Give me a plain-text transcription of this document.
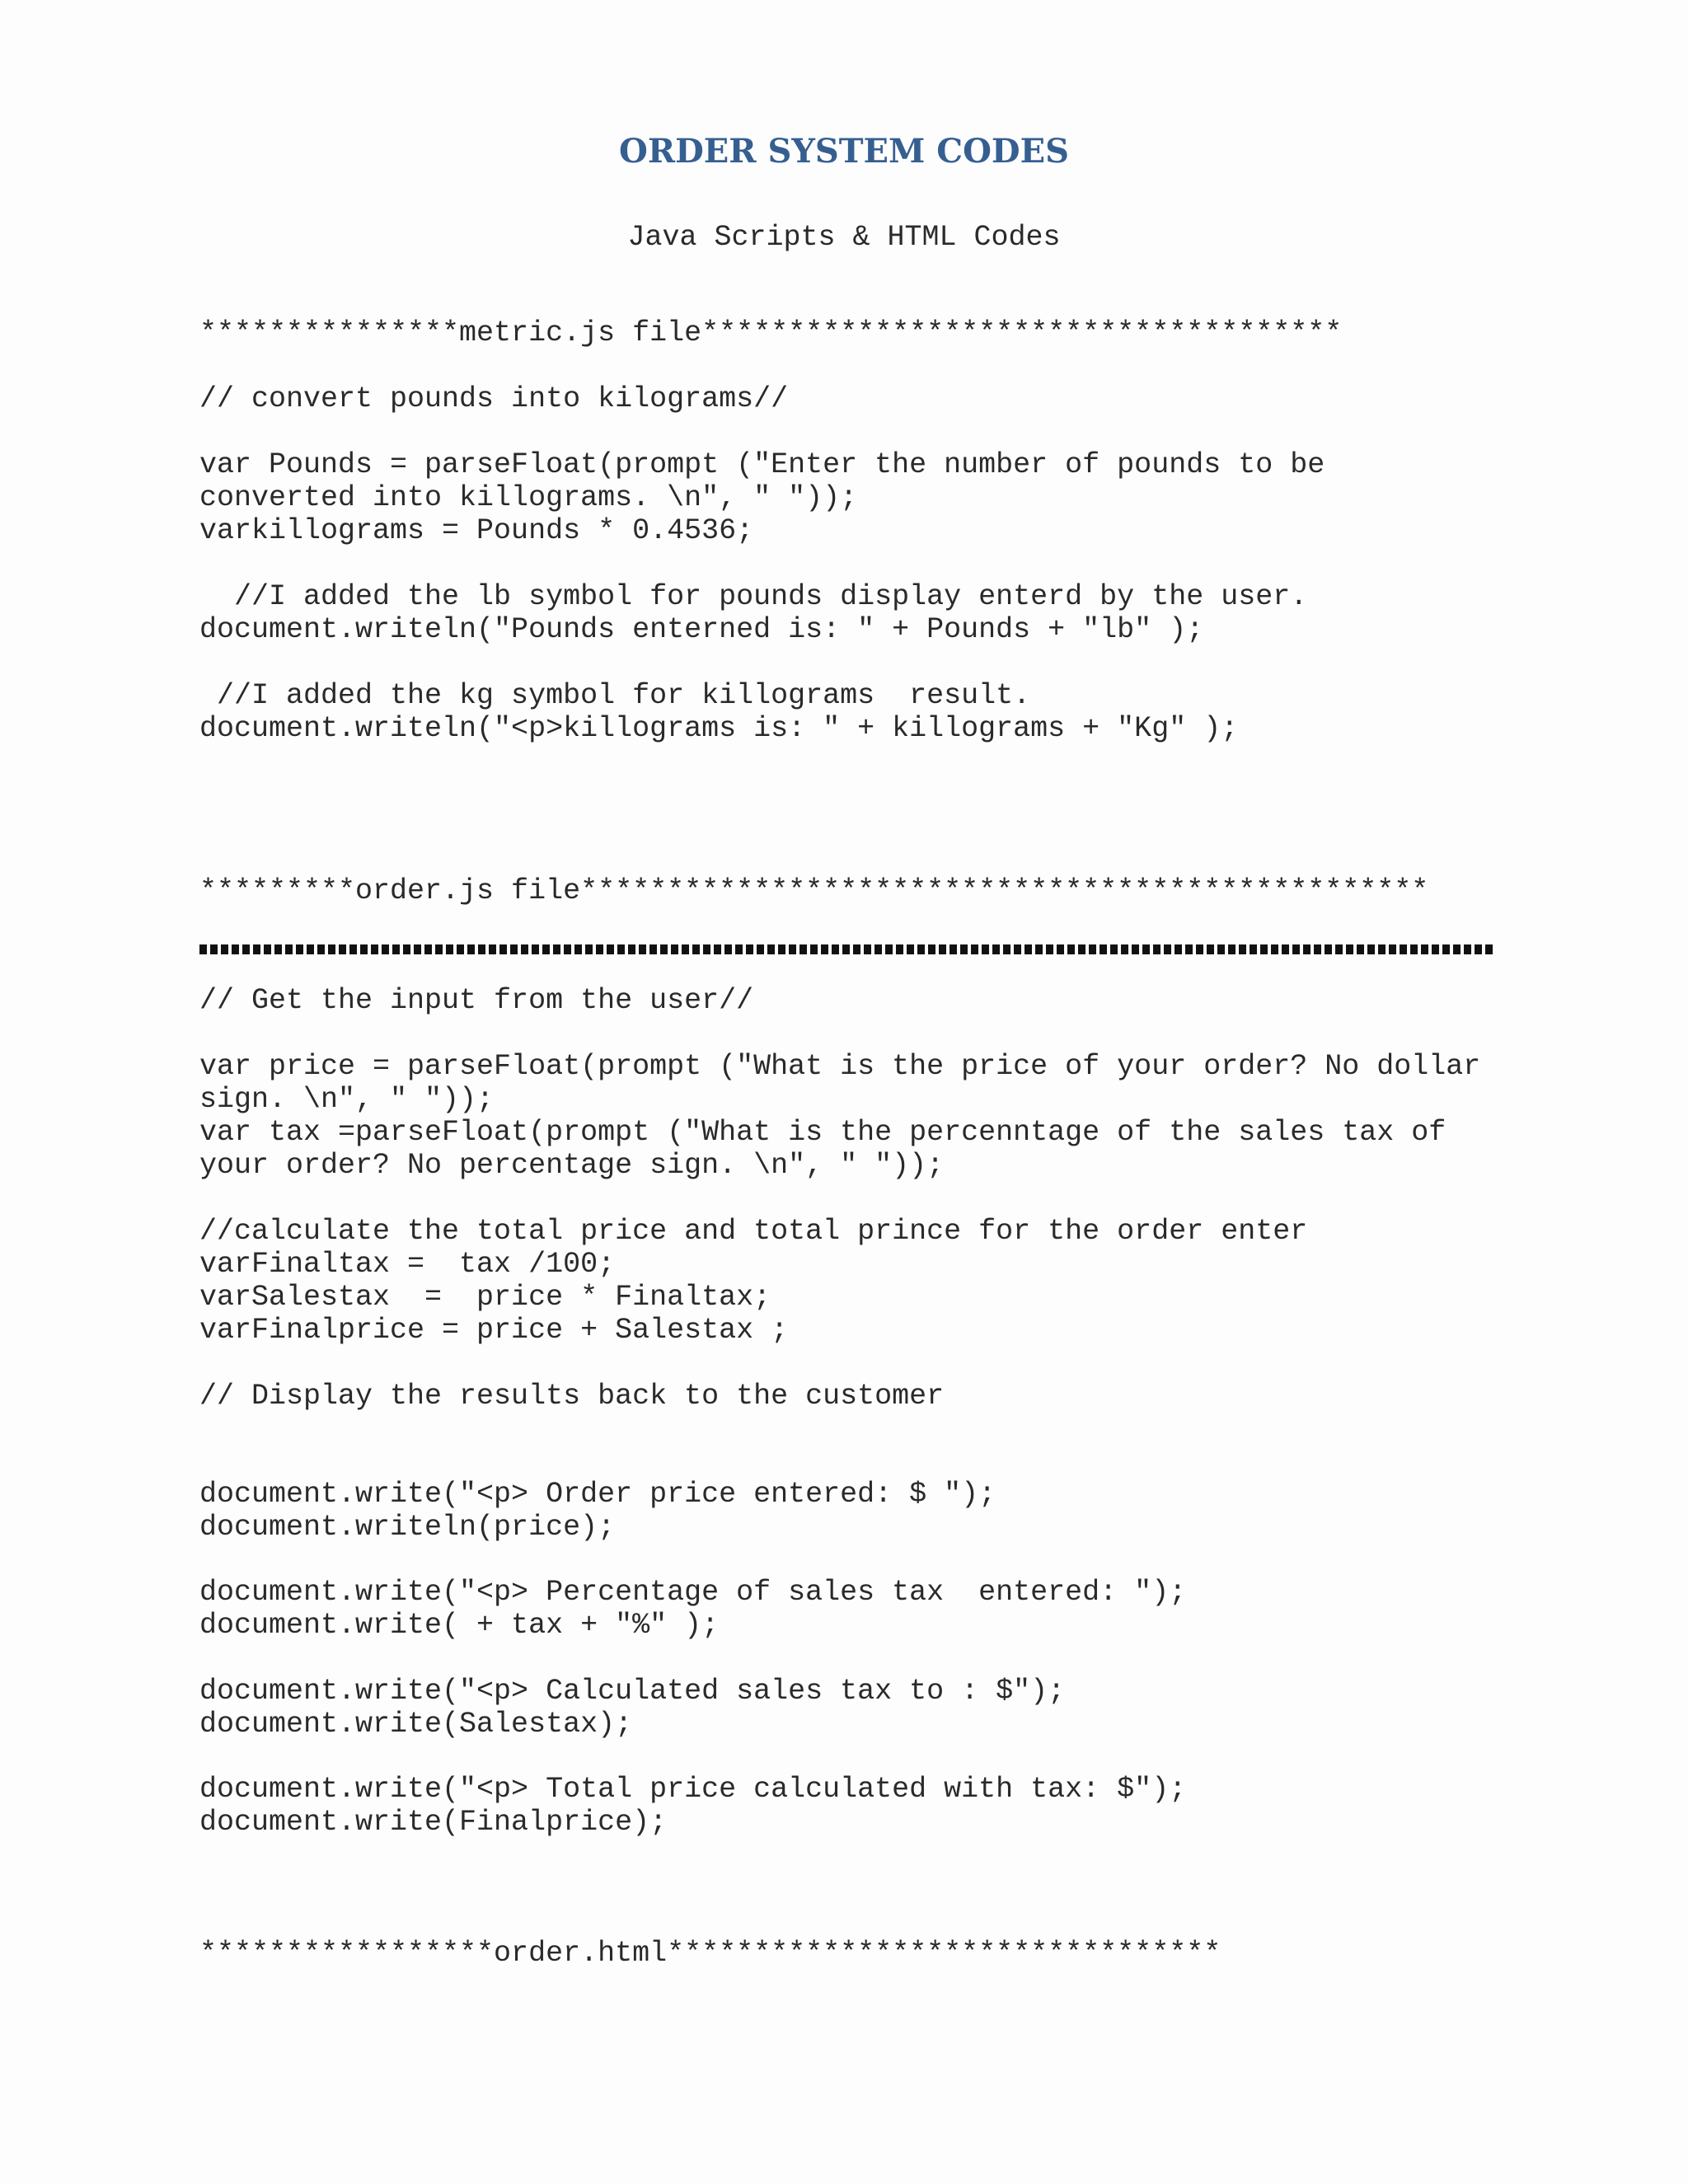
ORDER SYSTEM CODES
Java Scripts & HTML Codes
***************metric.js file*************************************
// convert pounds into kilograms//
var Pounds = parseFloat(prompt ("Enter the number of pounds to be
converted into killograms. \n", " "));
varkillograms = Pounds * 0.4536;
//I added the lb symbol for pounds display enterd by the user.
document.writeln("Pounds enterned is: " + Pounds + "lb" );
//I added the kg symbol for killograms  result.
document.writeln("<p>killograms is: " + killograms + "Kg" );
*********order.js file*************************************************
// Get the input from the user//
var price = parseFloat(prompt ("What is the price of your order? No dollar
sign. \n", " "));
var tax =parseFloat(prompt ("What is the percenntage of the sales tax of
your order? No percentage sign. \n", " "));
//calculate the total price and total prince for the order enter
varFinaltax =  tax /100;
varSalestax  =  price * Finaltax;
varFinalprice = price + Salestax ;
// Display the results back to the customer
document.write("<p> Order price entered: $ ");
document.writeln(price);
document.write("<p> Percentage of sales tax  entered: ");
document.write( + tax + "%" );
document.write("<p> Calculated sales tax to : $");
document.write(Salestax);
document.write("<p> Total price calculated with tax: $");
document.write(Finalprice);
*****************order.html********************************
